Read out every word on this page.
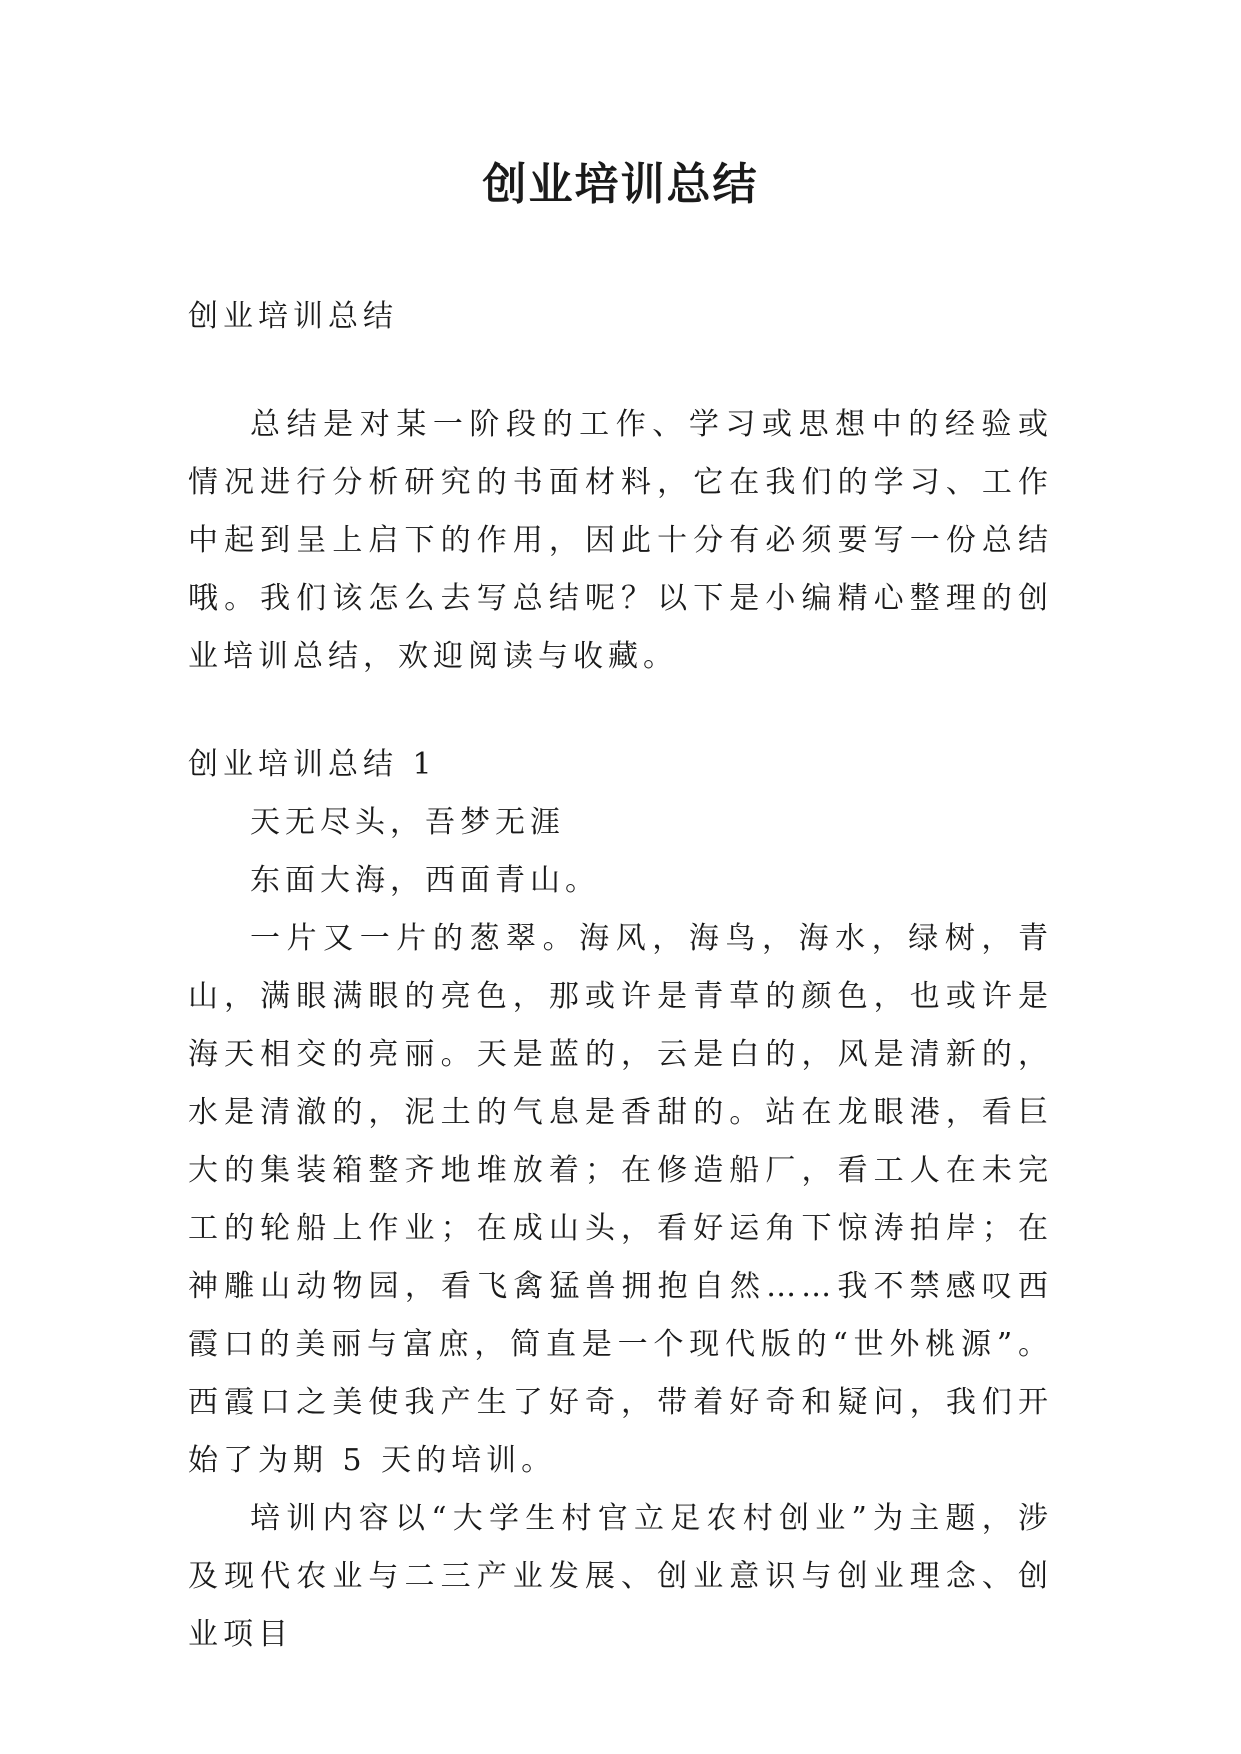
创业培训总结

创业培训总结

总结是对某一阶段的工作、学习或思想中的经验或情况进行分析研究的书面材料，它在我们的学习、工作中起到呈上启下的作用，因此十分有必须要写一份总结哦。我们该怎么去写总结呢？以下是小编精心整理的创业培训总结，欢迎阅读与收藏。

创业培训总结 1

天无尽头，吾梦无涯

东面大海，西面青山。

一片又一片的葱翠。海风，海鸟，海水，绿树，青山，满眼满眼的亮色，那或许是青草的颜色，也或许是海天相交的亮丽。天是蓝的，云是白的，风是清新的，水是清澈的，泥土的气息是香甜的。站在龙眼港，看巨大的集装箱整齐地堆放着；在修造船厂，看工人在未完工的轮船上作业；在成山头，看好运角下惊涛拍岸；在神雕山动物园，看飞禽猛兽拥抱自然……我不禁感叹西霞口的美丽与富庶，简直是一个现代版的“世外桃源”。西霞口之美使我产生了好奇，带着好奇和疑问，我们开始了为期 5 天的培训。

培训内容以“大学生村官立足农村创业”为主题，涉及现代农业与二三产业发展、创业意识与创业理念、创业项目
